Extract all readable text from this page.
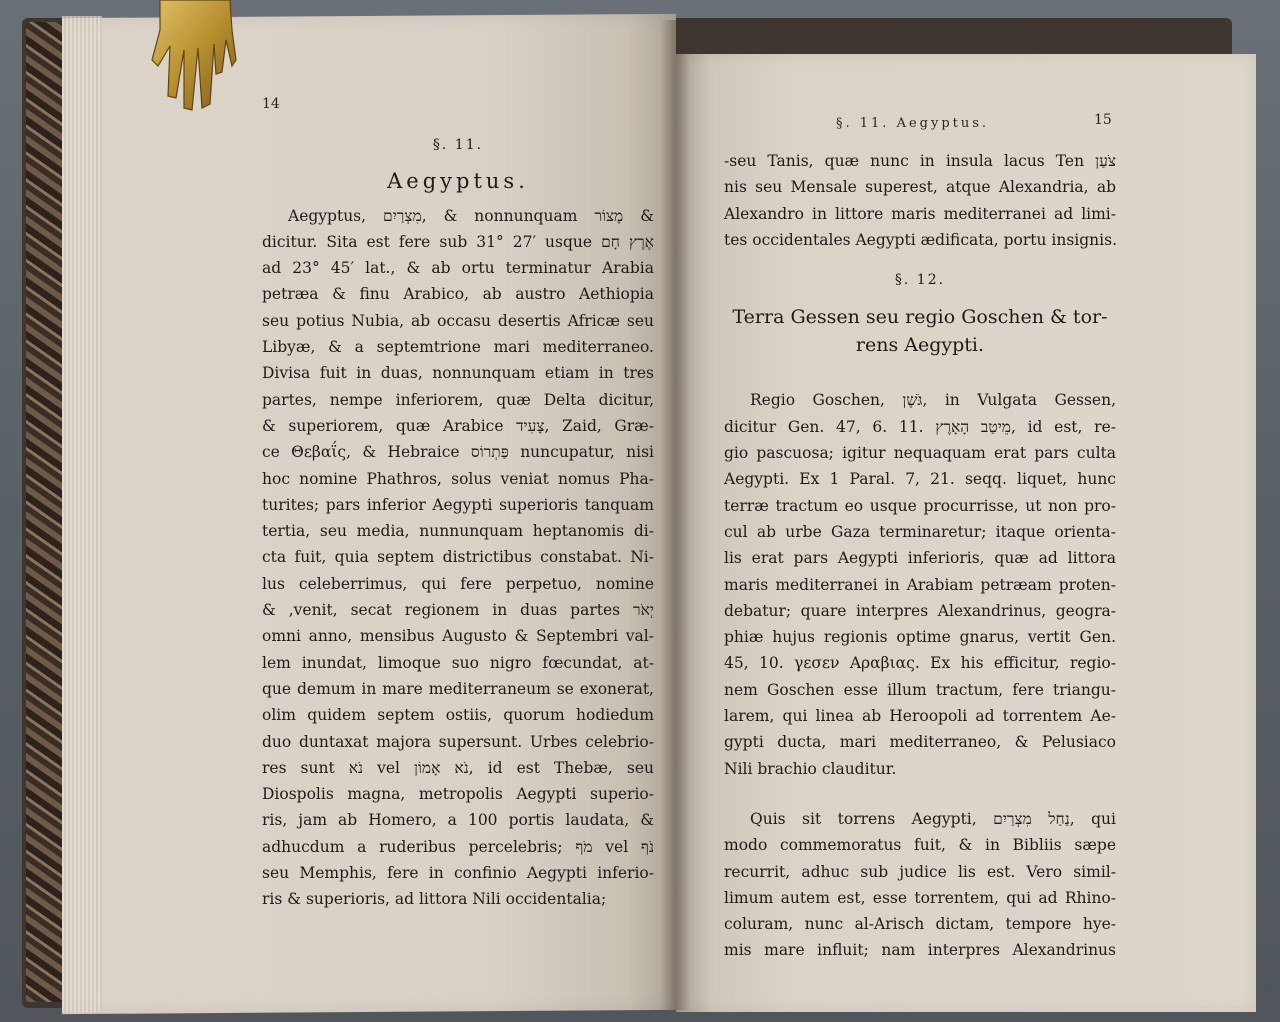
14
§. 11.
Aegyptus.
Aegyptus, מִצְרַיִם, & nonnunquam מָצוֹר &
אֶרֶץ חָם dicitur. Sita est fere sub 31° 27′ usque
ad 23° 45′ lat., & ab ortu terminatur Arabia
petræa & finu Arabico, ab austro Aethiopia
seu potius Nubia, ab occasu desertis Africæ seu
Libyæ, & a septemtrione mari mediterraneo.
Divisa fuit in duas, nonnunquam etiam in tres
partes, nempe inferiorem, quæ Delta dicitur,
& superiorem, quæ Arabice צָעִיד, Zaid, Græ-
ce Θεβαΐς, & Hebraice פַּתְרוֹס nuncupatur, nisi
hoc nomine Phathros, solus veniat nomus Pha-
turites; pars inferior Aegypti superioris tanquam
tertia, seu media, nunnunquam heptanomis di-
cta fuit, quia septem districtibus constabat. Ni-
lus celeberrimus, qui fere perpetuo, nomine
יְאֹר venit, secat regionem in duas partes, &
omni anno, mensibus Augusto & Septembri val-
lem inundat, limoque suo nigro fœcundat, at-
que demum in mare mediterraneum se exonerat,
olim quidem septem ostiis, quorum hodiedum
duo duntaxat majora supersunt. Urbes celebrio-
res sunt נֹא vel נֹא אָמוֹן, id est Thebæ, seu
Diospolis magna, metropolis Aegypti superio-
ris, jam ab Homero, a 100 portis laudata, &
adhucdum a ruderibus percelebris; מֹף vel נֹף
seu Memphis, fere in confinio Aegypti inferio-
ris & superioris, ad littora Nili occidentalia;
§. 11. Aegyptus.	15
צֹעַן seu Tanis, quæ nunc in insula lacus Ten-
nis seu Mensale superest, atque Alexandria, ab
Alexandro in littore maris mediterranei ad limi-
tes occidentales Aegypti ædificata, portu insignis.
§. 12.
Terra Gessen seu regio Goschen & tor-
rens Aegypti.
Regio Goschen, גֹּשֶׁן, in Vulgata Gessen,
dicitur Gen. 47, 6. 11. מֵיטַב הָאָרֶץ, id est, re-
gio pascuosa; igitur nequaquam erat pars culta
Aegypti. Ex 1 Paral. 7, 21. seqq. liquet, hunc
terræ tractum eo usque procurrisse, ut non pro-
cul ab urbe Gaza terminaretur; itaque orienta-
lis erat pars Aegypti inferioris, quæ ad littora
maris mediterranei in Arabiam petræam proten-
debatur; quare interpres Alexandrinus, geogra-
phiæ hujus regionis optime gnarus, vertit Gen.
45, 10. γεσεν Αραβιας. Ex his efficitur, regio-
nem Goschen esse illum tractum, fere triangu-
larem, qui linea ab Heroopoli ad torrentem Ae-
gypti ducta, mari mediterraneo, & Pelusiaco
Nili brachio clauditur.
Quis sit torrens Aegypti, נַחַל מִצְרַיִם, qui
modo commemoratus fuit, & in Bibliis sæpe
recurrit, adhuc sub judice lis est. Vero simil-
limum autem est, esse torrentem, qui ad Rhino-
coluram, nunc al-Arisch dictam, tempore hye-
mis mare influit; nam interpres Alexandrinus
